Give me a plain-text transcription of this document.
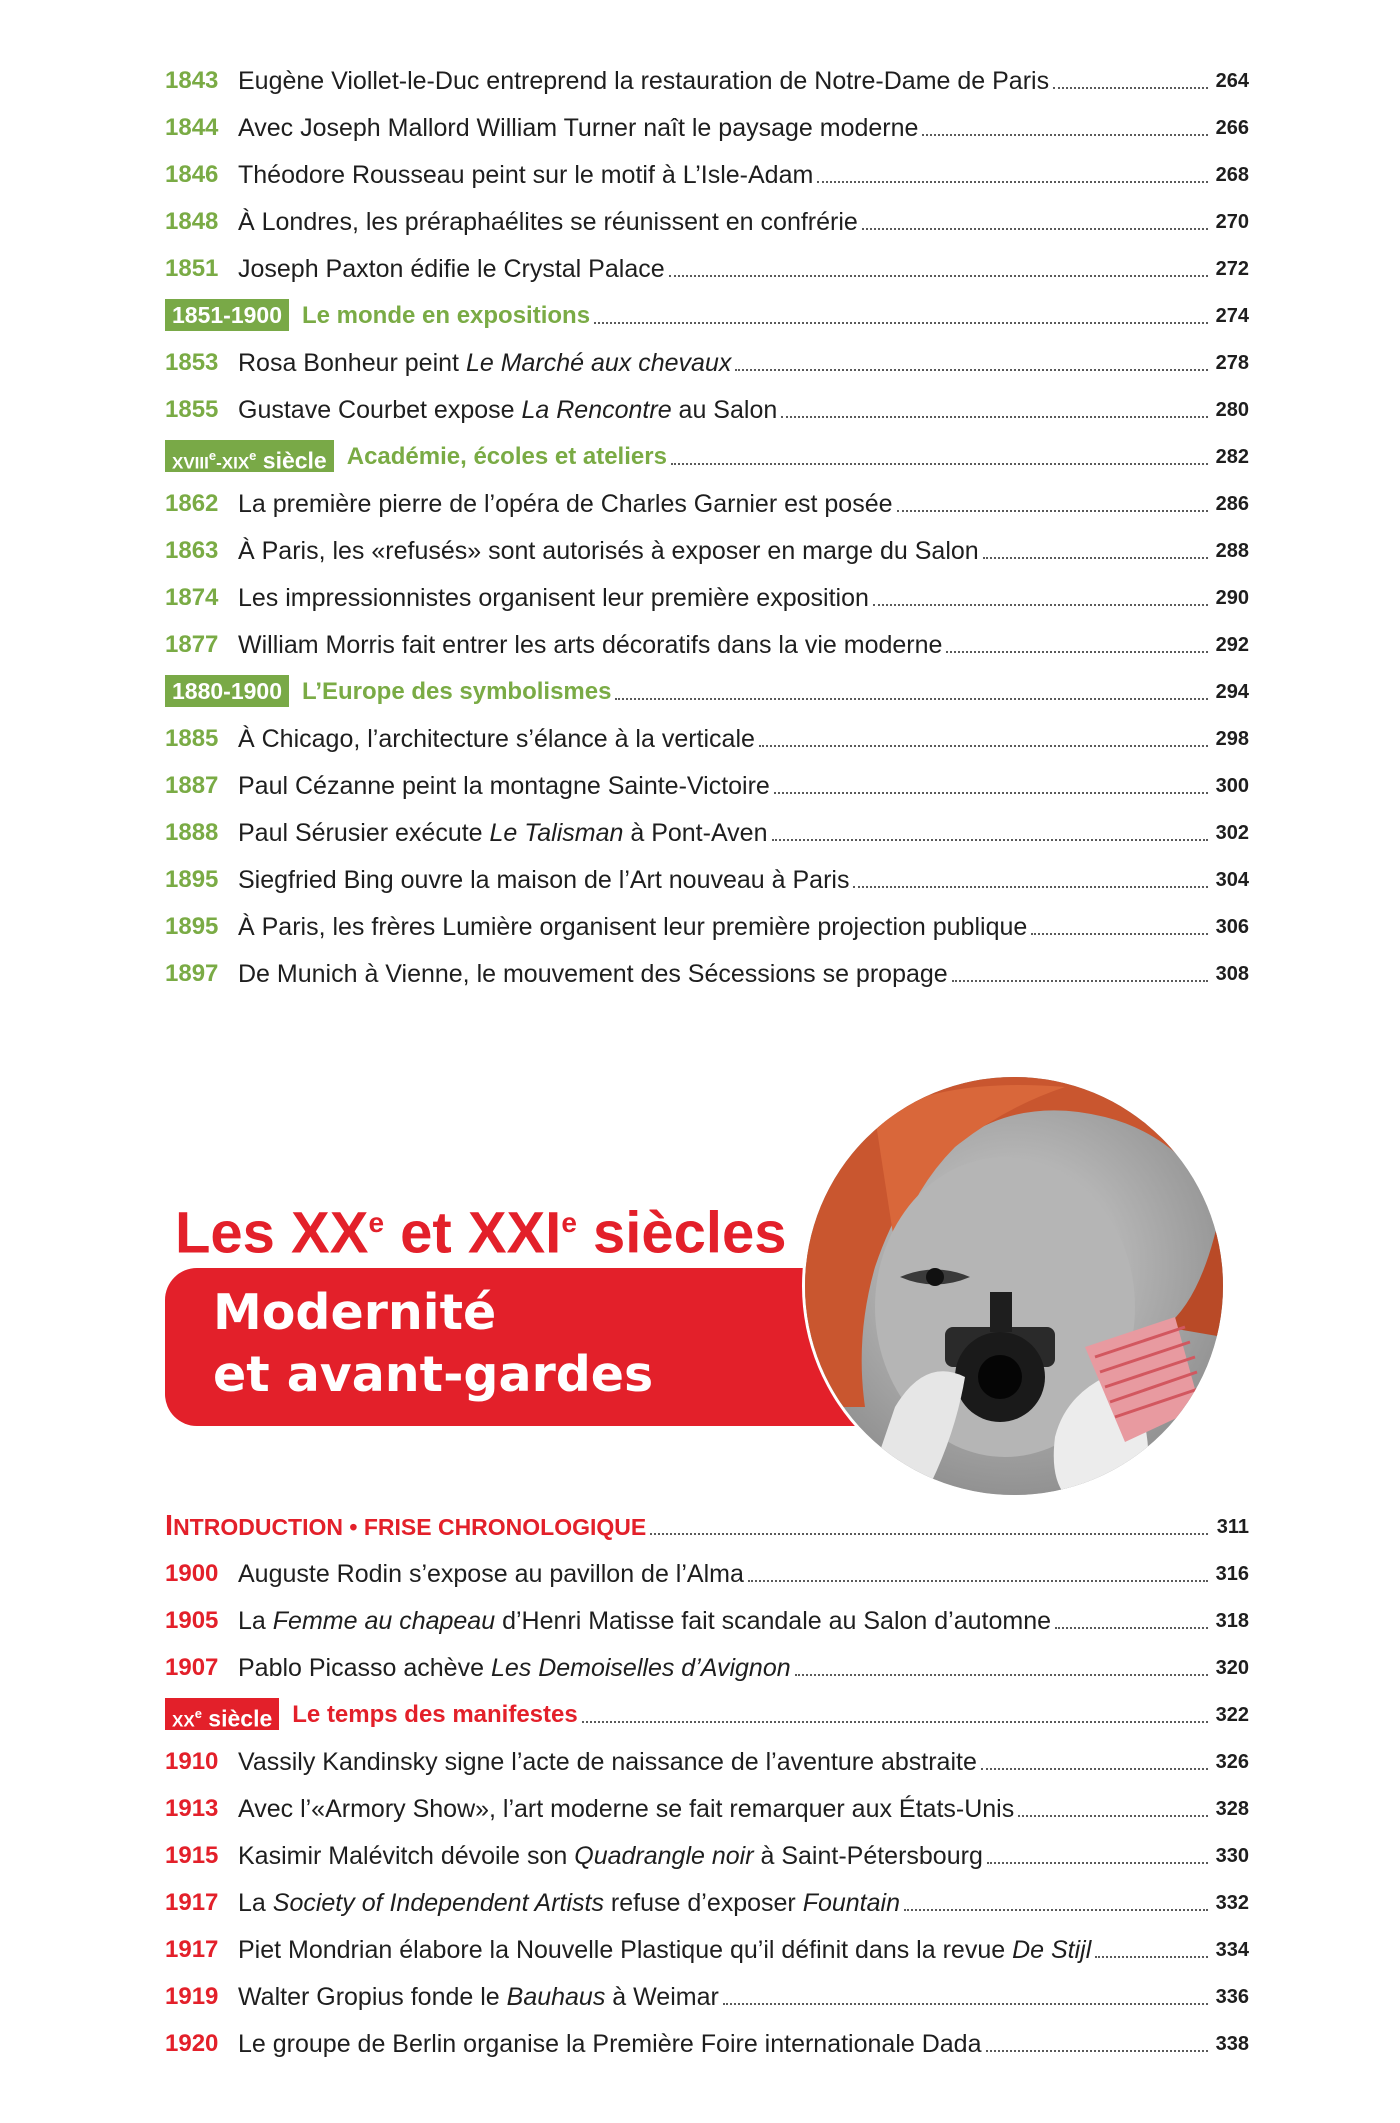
1843 Eugène Viollet-le-Duc entreprend la restauration de Notre-Dame de Paris	264
1844 Avec Joseph Mallord William Turner naît le paysage moderne	266
1846 Théodore Rousseau peint sur le motif à L’Isle-Adam	268
1848 À Londres, les préraphaélites se réunissent en confrérie	270
1851 Joseph Paxton édifie le Crystal Palace	272
1851-1900 Le monde en expositions	274
1853 Rosa Bonheur peint Le Marché aux chevaux	278
1855 Gustave Courbet expose La Rencontre au Salon	280
XVIIIe-XIXe siècle Académie, écoles et ateliers	282
1862 La première pierre de l’opéra de Charles Garnier est posée	286
1863 À Paris, les «refusés» sont autorisés à exposer en marge du Salon	288
1874 Les impressionnistes organisent leur première exposition	290
1877 William Morris fait entrer les arts décoratifs dans la vie moderne	292
1880-1900 L’Europe des symbolismes	294
1885 À Chicago, l’architecture s’élance à la verticale	298
1887 Paul Cézanne peint la montagne Sainte-Victoire	300
1888 Paul Sérusier exécute Le Talisman à Pont-Aven	302
1895 Siegfried Bing ouvre la maison de l’Art nouveau à Paris	304
1895 À Paris, les frères Lumière organisent leur première projection publique	306
1897 De Munich à Vienne, le mouvement des Sécessions se propage	308
Modernité
et avant-gardes
Les XXe et XXIe siècles
INTRODUCTION • FRISE CHRONOLOGIQUE	311
1900 Auguste Rodin s’expose au pavillon de l’Alma	316
1905 La Femme au chapeau d’Henri Matisse fait scandale au Salon d’automne	318
1907 Pablo Picasso achève Les Demoiselles d’Avignon	320
XXe siècle Le temps des manifestes	322
1910 Vassily Kandinsky signe l’acte de naissance de l’aventure abstraite	326
1913 Avec l’«Armory Show», l’art moderne se fait remarquer aux États-Unis	328
1915 Kasimir Malévitch dévoile son Quadrangle noir à Saint-Pétersbourg	330
1917 La Society of Independent Artists refuse d’exposer Fountain	332
1917 Piet Mondrian élabore la Nouvelle Plastique qu’il définit dans la revue De Stijl	334
1919 Walter Gropius fonde le Bauhaus à Weimar	336
1920 Le groupe de Berlin organise la Première Foire internationale Dada	338
